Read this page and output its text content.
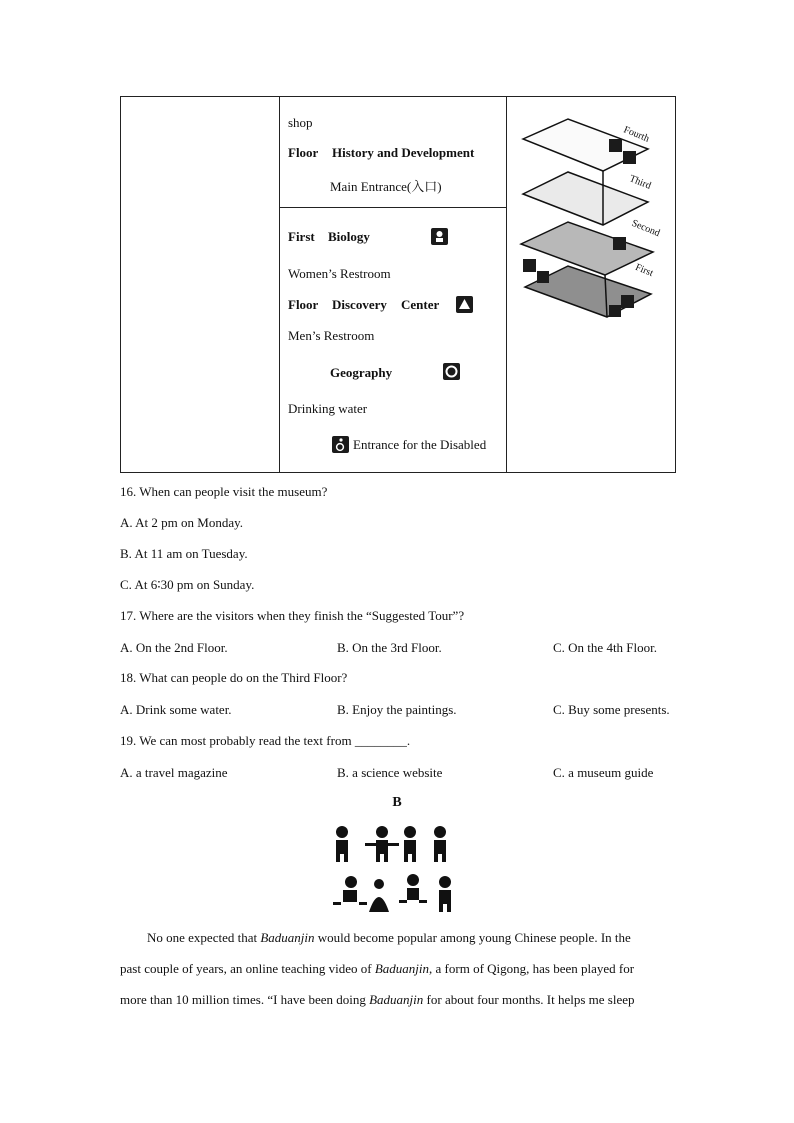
shop
Floor History and Development
Main Entrance(入口)
First Biology
Women’s Restroom
Floor Discovery Center
Men’s Restroom
Geography
Drinking water
Entrance for the Disabled
Fourth
Third
Second
First
16. When can people visit the museum?
A. At 2 pm on Monday.
B. At 11 am on Tuesday.
C. At 6∶30 pm on Sunday.
17. Where are the visitors when they finish the “Suggested Tour”?
A. On the 2nd Floor.	B. On the 3rd Floor.	C. On the 4th Floor.
18. What can people do on the Third Floor?
A. Drink some water.	B. Enjoy the paintings.	C. Buy some presents.
19. We can most probably read the text from ________.
A. a travel magazine	B. a science website	C. a museum guide
B
No one expected that Baduanjin would become popular among young Chinese people. In the
past couple of years, an online teaching video of Baduanjin, a form of Qigong, has been played for
more than 10 million times. “I have been doing Baduanjin for about four months. It helps me sleep
